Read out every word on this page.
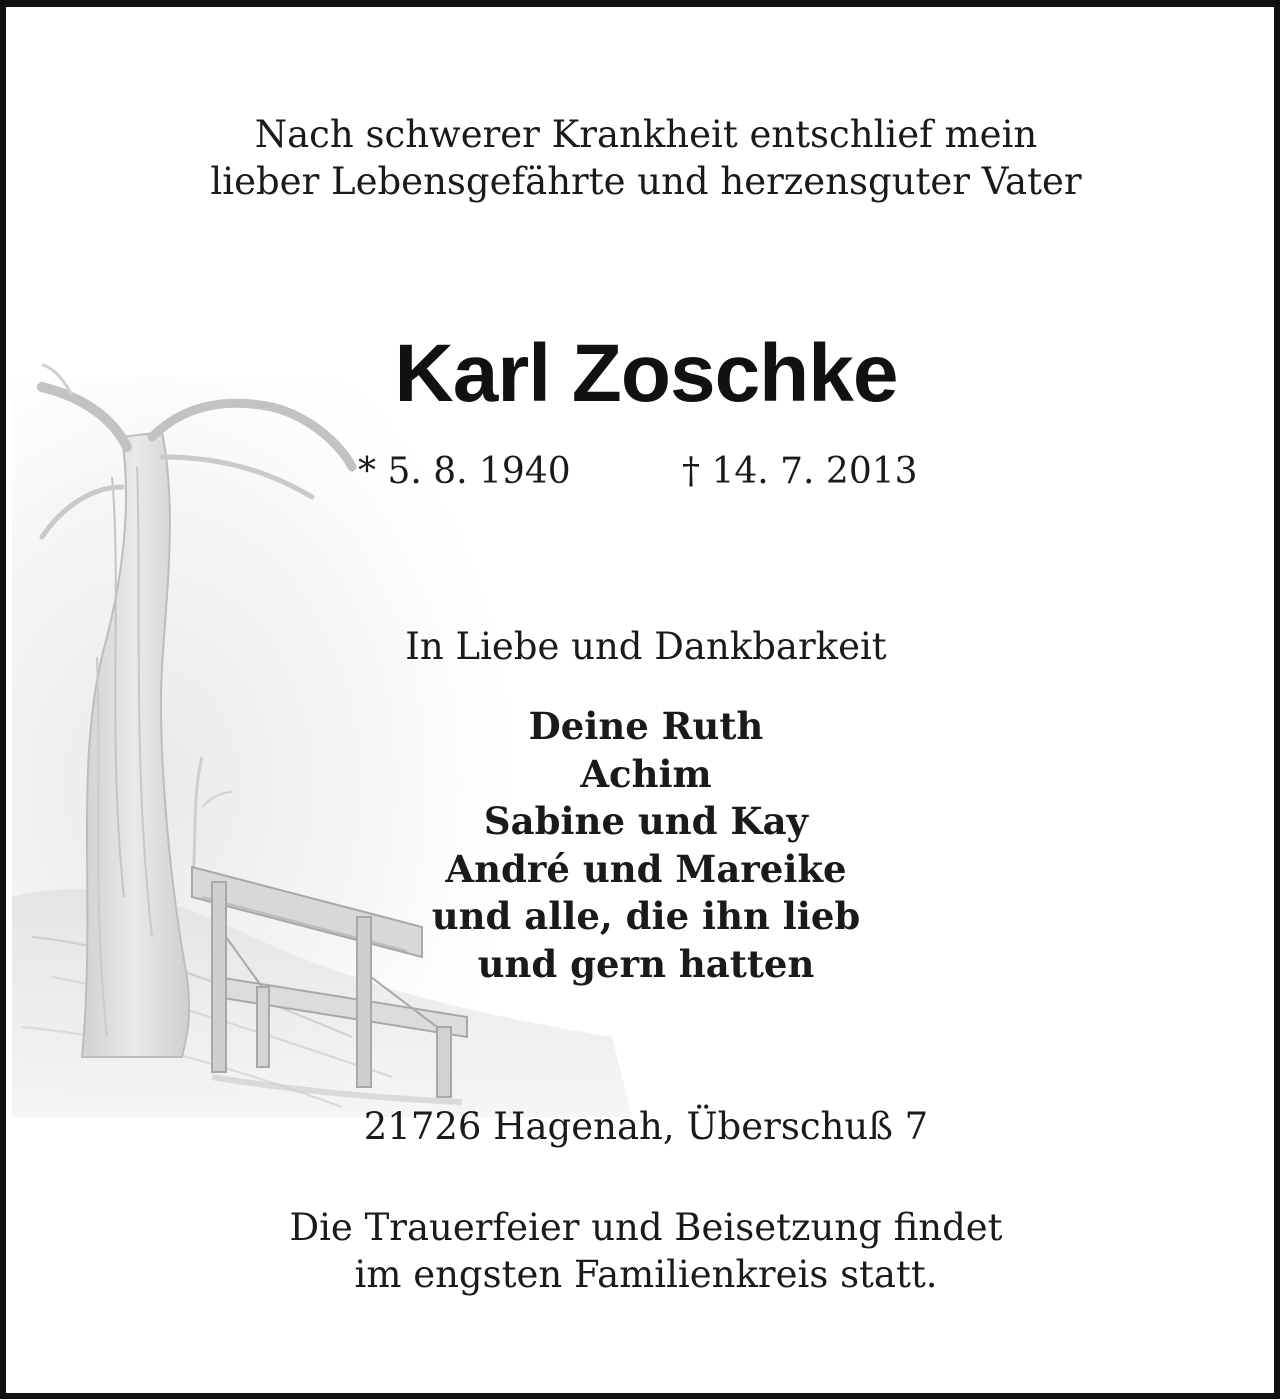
Nach schwerer Krankheit entschlief mein
lieber Lebensgefährte und herzensguter Vater
Karl Zoschke
* 5. 8. 1940	† 14. 7. 2013
In Liebe und Dankbarkeit
Deine Ruth
Achim
Sabine und Kay
André und Mareike
und alle, die ihn lieb
und gern hatten
21726 Hagenah, Überschuß 7
Die Trauerfeier und Beisetzung findet
im engsten Familienkreis statt.
